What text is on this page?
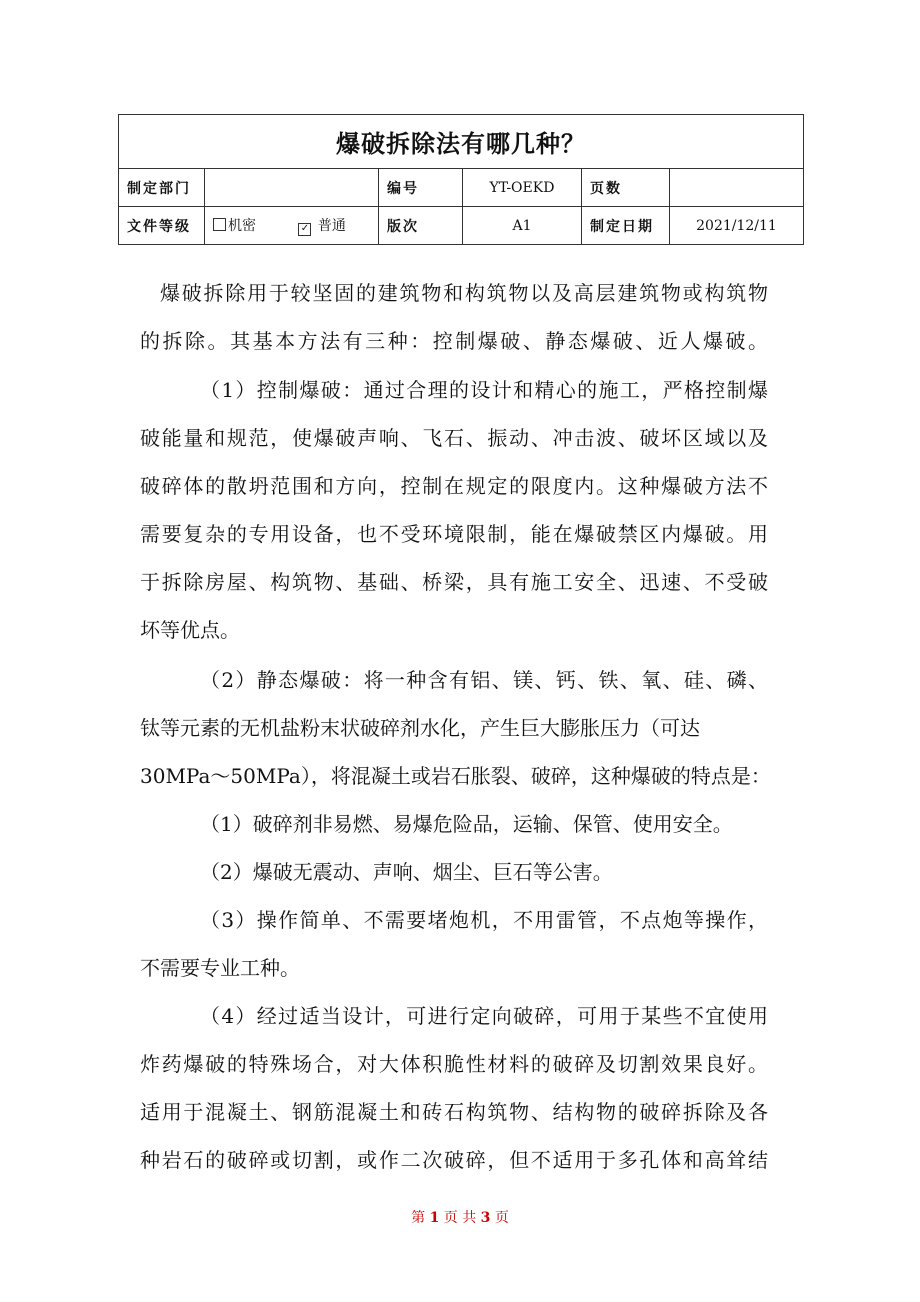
爆破拆除法有哪几种？					
制定部门		编号	YT-OEKD	页数	
文件等级	机密 ✓ 普通	版次	A1	制定日期	2021/12/11
爆破拆除用于较坚固的建筑物和构筑物以及高层建筑物或构筑物
的拆除。其基本方法有三种：控制爆破、静态爆破、近人爆破。
（1）控制爆破：通过合理的设计和精心的施工，严格控制爆
破能量和规范，使爆破声响、飞石、振动、冲击波、破坏区域以及
破碎体的散坍范围和方向，控制在规定的限度内。这种爆破方法不
需要复杂的专用设备，也不受环境限制，能在爆破禁区内爆破。用
于拆除房屋、构筑物、基础、桥梁，具有施工安全、迅速、不受破
坏等优点。
（2）静态爆破：将一种含有铝、镁、钙、铁、氧、硅、磷、
钛等元素的无机盐粉末状破碎剂水化，产生巨大膨胀压力（可达
30MPa～50MPa），将混凝土或岩石胀裂、破碎，这种爆破的特点是：
（1）破碎剂非易燃、易爆危险品，运输、保管、使用安全。
（2）爆破无震动、声响、烟尘、巨石等公害。
（3）操作简单、不需要堵炮机，不用雷管，不点炮等操作，
不需要专业工种。
（4）经过适当设计，可进行定向破碎，可用于某些不宜使用
炸药爆破的特殊场合，对大体积脆性材料的破碎及切割效果良好。
适用于混凝土、钢筋混凝土和砖石构筑物、结构物的破碎拆除及各
种岩石的破碎或切割，或作二次破碎，但不适用于多孔体和高耸结
第 1 页 共 3 页
